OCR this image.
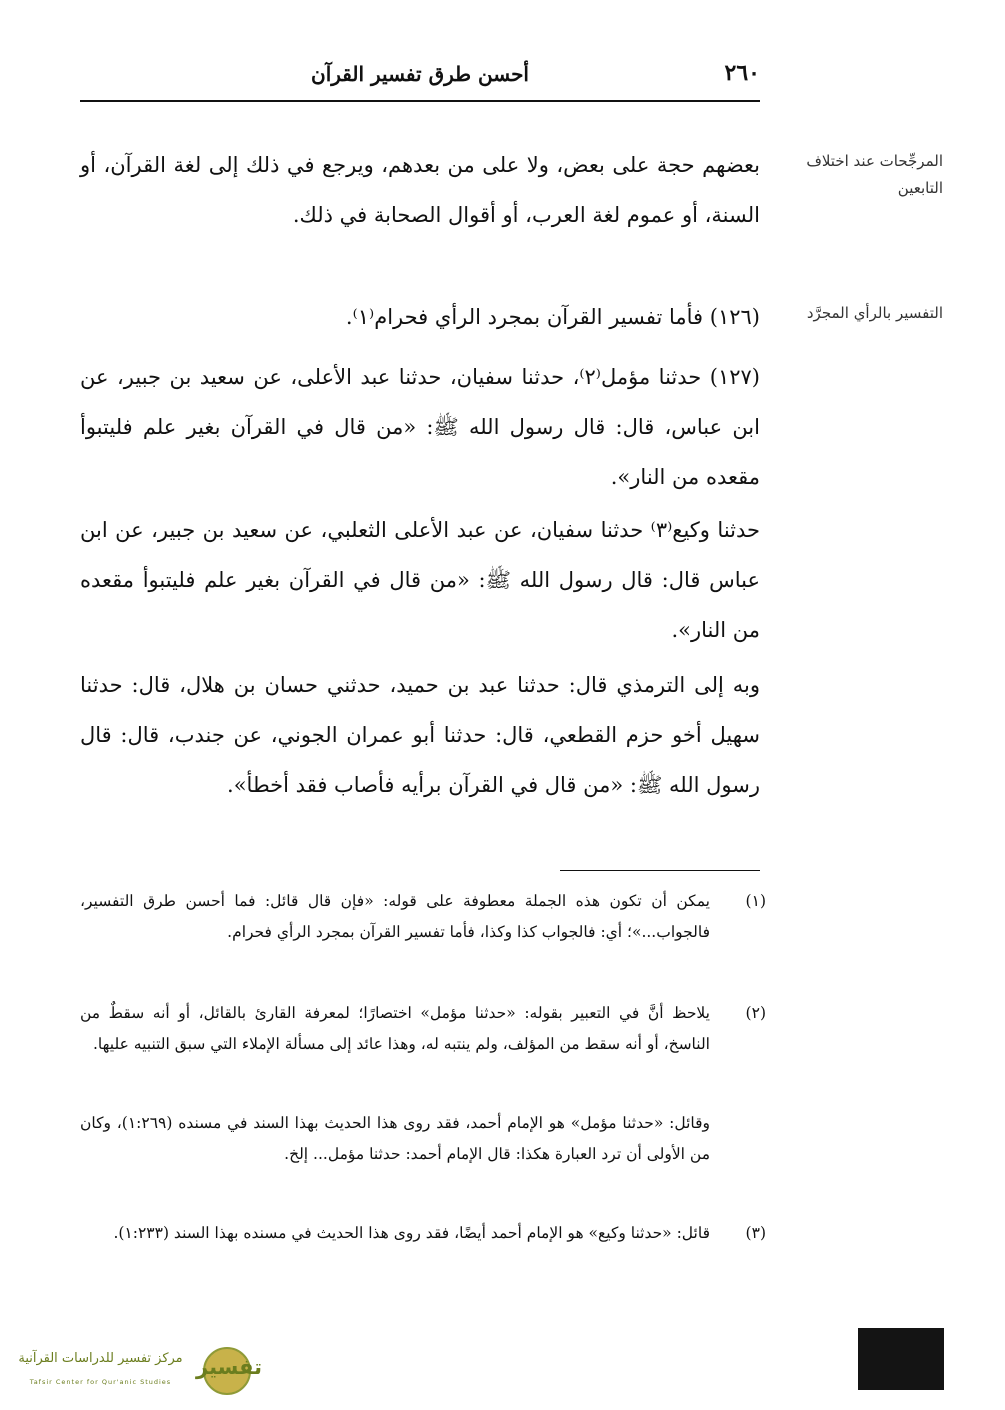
٢٦٠
أحسن طرق تفسير القرآن
المرجِّحات عند اختلاف التابعين
التفسير بالرأي المجرَّد

بعضهم حجة على بعض، ولا على من بعدهم، ويرجع في ذلك إلى لغة القرآن، أو السنة، أو عموم لغة العرب، أو أقوال الصحابة في ذلك.

(١٢٦) فأما تفسير القرآن بمجرد الرأي فحرام⁽١⁾.

(١٢٧) حدثنا مؤمل⁽٢⁾، حدثنا سفيان، حدثنا عبد الأعلى، عن سعيد بن جبير، عن ابن عباس، قال: قال رسول الله ﷺ: «من قال في القرآن بغير علم فليتبوأ مقعده من النار».

حدثنا وكيع⁽٣⁾ حدثنا سفيان، عن عبد الأعلى الثعلبي، عن سعيد بن جبير، عن ابن عباس قال: قال رسول الله ﷺ: «من قال في القرآن بغير علم فليتبوأ مقعده من النار».

وبه إلى الترمذي قال: حدثنا عبد بن حميد، حدثني حسان بن هلال، قال: حدثنا سهيل أخو حزم القطعي، قال: حدثنا أبو عمران الجوني، عن جندب، قال: قال رسول الله ﷺ: «من قال في القرآن برأيه فأصاب فقد أخطأ».

(١)

يمكن أن تكون هذه الجملة معطوفة على قوله: «فإن قال قائل: فما أحسن طرق التفسير، فالجواب...»؛ أي: فالجواب كذا وكذا، فأما تفسير القرآن بمجرد الرأي فحرام.

(٢)

يلاحظ أنَّ في التعبير بقوله: «حدثنا مؤمل» اختصارًا؛ لمعرفة القارئ بالقائل، أو أنه سقطٌ من الناسخ، أو أنه سقط من المؤلف، ولم ينتبه له، وهذا عائد إلى مسألة الإملاء التي سبق التنبيه عليها.

وقائل: «حدثنا مؤمل» هو الإمام أحمد، فقد روى هذا الحديث بهذا السند في مسنده (١:٢٦٩)، وكان من الأولى أن ترد العبارة هكذا: قال الإمام أحمد: حدثنا مؤمل... إلخ.

(٣)

قائل: «حدثنا وكيع» هو الإمام أحمد أيضًا، فقد روى هذا الحديث في مسنده بهذا السند (١:٢٣٣).

تفسير
مركز تفسير للدراسات القرآنية
Tafsir Center for Qur'anic Studies
